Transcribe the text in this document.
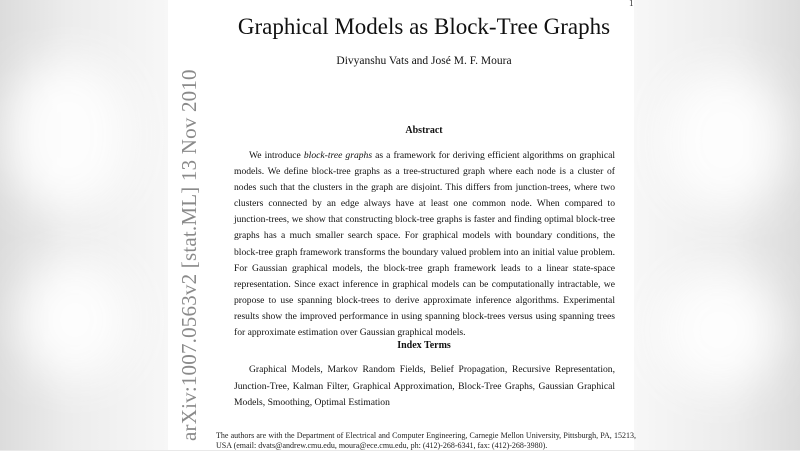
1
Graphical Models as Block-Tree Graphs
Divyanshu Vats and José M. F. Moura
arXiv:1007.0563v2 [stat.ML] 13 Nov 2010	Abstract

We introduce block-tree graphs as a framework for deriving efficient algorithms on graphical models. We define block-tree graphs as a tree-structured graph where each node is a cluster of nodes such that the clusters in the graph are disjoint. This differs from junction-trees, where two clusters connected by an edge always have at least one common node. When compared to junction-trees, we show that constructing block-tree graphs is faster and finding optimal block-tree graphs has a much smaller search space. For graphical models with boundary conditions, the block-tree graph framework transforms the boundary valued problem into an initial value problem. For Gaussian graphical models, the block-tree graph framework leads to a linear state-space representation. Since exact inference in graphical models can be computationally intractable, we propose to use spanning block-trees to derive approximate inference algorithms. Experimental results show the improved performance in using spanning block-trees versus using spanning trees for approximate estimation over Gaussian graphical models.

Index Terms

Graphical Models, Markov Random Fields, Belief Propagation, Recursive Representation, Junction-Tree, Kalman Filter, Graphical Approximation, Block-Tree Graphs, Gaussian Graphical Models, Smoothing, Optimal Estimation

The authors are with the Department of Electrical and Computer Engineering, Carnegie Mellon University, Pittsburgh, PA, 15213, USA (email: dvats@andrew.cmu.edu, moura@ece.cmu.edu, ph: (412)-268-6341, fax: (412)-268-3980).
